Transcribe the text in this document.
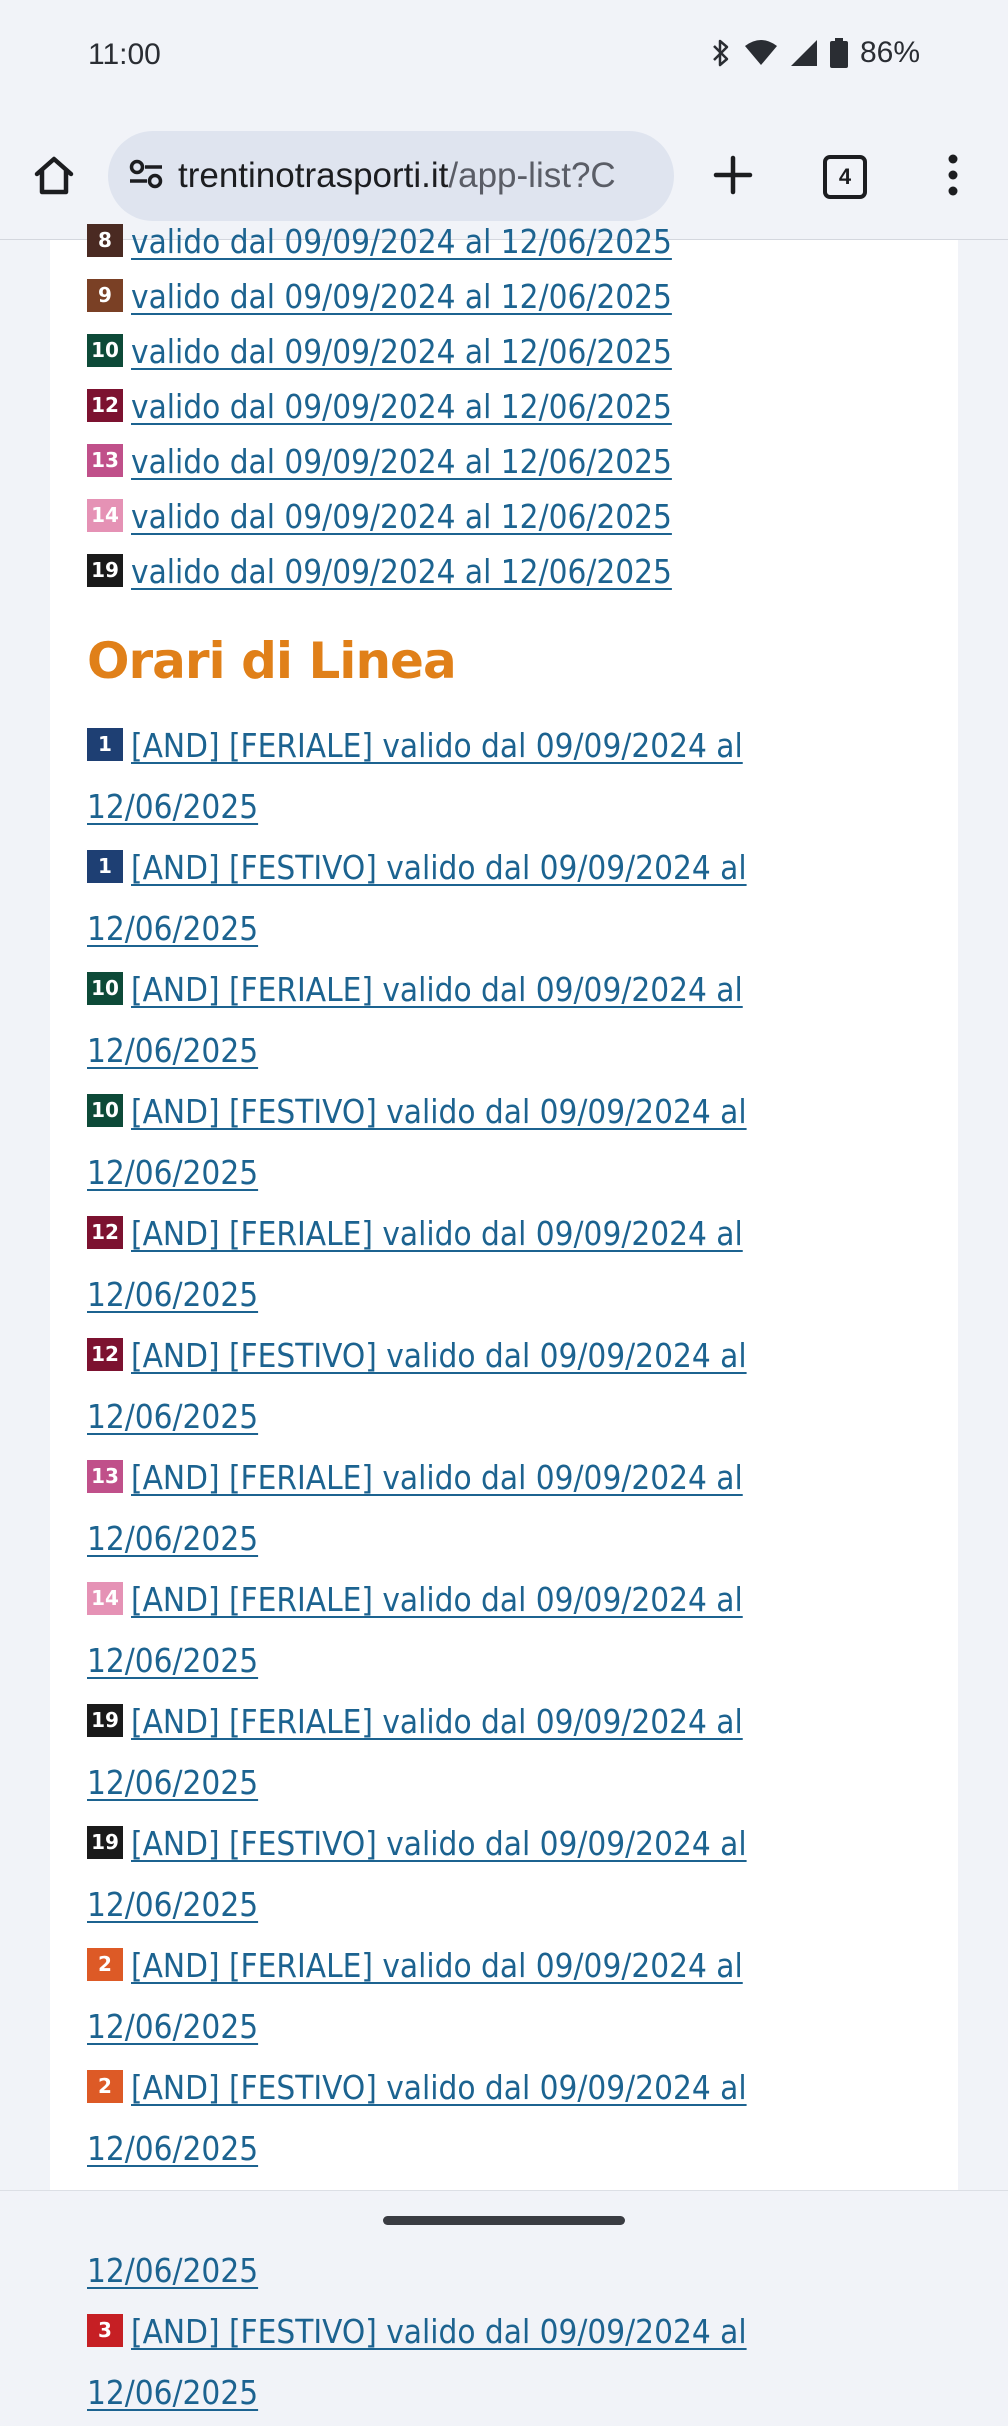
11:00	86%
trentinotrasporti.it/app-list?C	4
8 valido dal 09/09/2024 al 12/06/2025
9 valido dal 09/09/2024 al 12/06/2025
10 valido dal 09/09/2024 al 12/06/2025
12 valido dal 09/09/2024 al 12/06/2025
13 valido dal 09/09/2024 al 12/06/2025
14 valido dal 09/09/2024 al 12/06/2025
19 valido dal 09/09/2024 al 12/06/2025
Orari di Linea
1 [AND] [FERIALE] valido dal 09/09/2024 al 12/06/2025
1 [AND] [FESTIVO] valido dal 09/09/2024 al 12/06/2025
10 [AND] [FERIALE] valido dal 09/09/2024 al 12/06/2025
10 [AND] [FESTIVO] valido dal 09/09/2024 al 12/06/2025
12 [AND] [FERIALE] valido dal 09/09/2024 al 12/06/2025
12 [AND] [FESTIVO] valido dal 09/09/2024 al 12/06/2025
13 [AND] [FERIALE] valido dal 09/09/2024 al 12/06/2025
14 [AND] [FERIALE] valido dal 09/09/2024 al 12/06/2025
19 [AND] [FERIALE] valido dal 09/09/2024 al 12/06/2025
19 [AND] [FESTIVO] valido dal 09/09/2024 al 12/06/2025
2 [AND] [FERIALE] valido dal 09/09/2024 al 12/06/2025
2 [AND] [FESTIVO] valido dal 09/09/2024 al 12/06/2025
12/06/2025
3 [AND] [FESTIVO] valido dal 09/09/2024 al 12/06/2025
